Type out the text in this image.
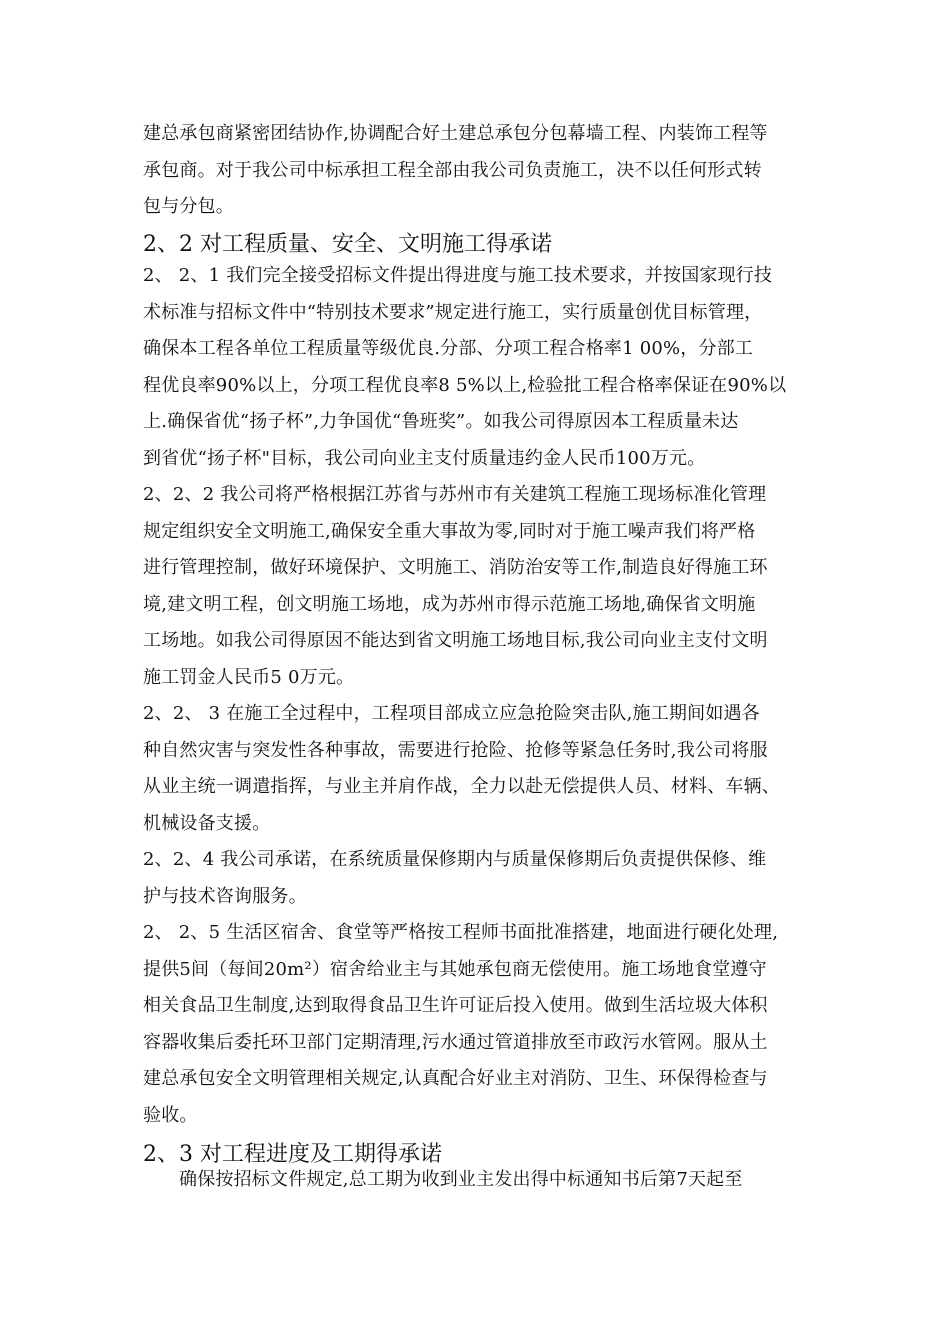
建总承包商紧密团结协作,协调配合好土建总承包分包幕墙工程、内装饰工程等
承包商。对于我公司中标承担工程全部由我公司负责施工，决不以任何形式转
包与分包。
2、2 对工程质量、安全、文明施工得承诺
2、 2、1 我们完全接受招标文件提出得进度与施工技术要求，并按国家现行技
术标准与招标文件中“特别技术要求”规定进行施工，实行质量创优目标管理，
确保本工程各单位工程质量等级优良.分部、分项工程合格率1 00%，分部工
程优良率90%以上，分项工程优良率8 5%以上,检验批工程合格率保证在90%以
上.确保省优“扬子杯”,力争国优“鲁班奖”。如我公司得原因本工程质量未达
到省优“扬子杯"目标，我公司向业主支付质量违约金人民币100万元。
2、2、2 我公司将严格根据江苏省与苏州市有关建筑工程施工现场标准化管理
规定组织安全文明施工,确保安全重大事故为零,同时对于施工噪声我们将严格
进行管理控制，做好环境保护、文明施工、消防治安等工作,制造良好得施工环
境,建文明工程，创文明施工场地，成为苏州市得示范施工场地,确保省文明施
工场地。如我公司得原因不能达到省文明施工场地目标,我公司向业主支付文明
施工罚金人民币5 0万元。
2、2、 3 在施工全过程中，工程项目部成立应急抢险突击队,施工期间如遇各
种自然灾害与突发性各种事故，需要进行抢险、抢修等紧急任务时,我公司将服
从业主统一调遣指挥，与业主并肩作战，全力以赴无偿提供人员、材料、车辆、
机械设备支援。
2、2、4 我公司承诺，在系统质量保修期内与质量保修期后负责提供保修、维
护与技术咨询服务。
2、 2、5 生活区宿舍、食堂等严格按工程师书面批准搭建，地面进行硬化处理,
提供5间（每间20m²）宿舍给业主与其她承包商无偿使用。施工场地食堂遵守
相关食品卫生制度,达到取得食品卫生许可证后投入使用。做到生活垃圾大体积
容器收集后委托环卫部门定期清理,污水通过管道排放至市政污水管网。服从土
建总承包安全文明管理相关规定,认真配合好业主对消防、卫生、环保得检查与
验收。
2、3 对工程进度及工期得承诺
确保按招标文件规定,总工期为收到业主发出得中标通知书后第7天起至
